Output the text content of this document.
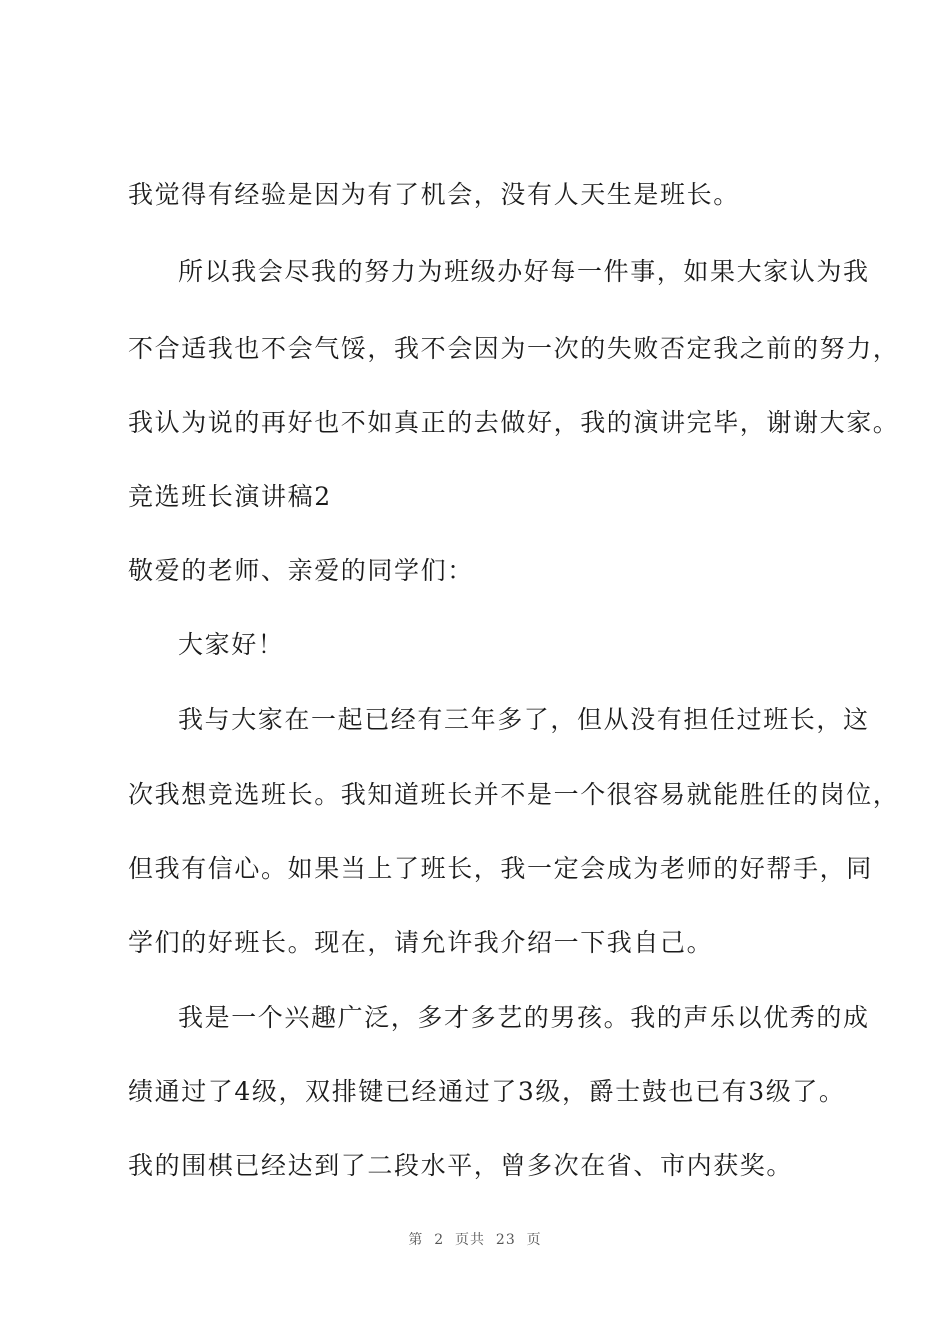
我觉得有经验是因为有了机会，没有人天生是班长。
所以我会尽我的努力为班级办好每一件事，如果大家认为我
不合适我也不会气馁，我不会因为一次的失败否定我之前的努力，
我认为说的再好也不如真正的去做好，我的演讲完毕，谢谢大家。
竞选班长演讲稿2
敬爱的老师、亲爱的同学们：
大家好！
我与大家在一起已经有三年多了，但从没有担任过班长，这
次我想竞选班长。我知道班长并不是一个很容易就能胜任的岗位，
但我有信心。如果当上了班长，我一定会成为老师的好帮手，同
学们的好班长。现在，请允许我介绍一下我自己。
我是一个兴趣广泛，多才多艺的男孩。我的声乐以优秀的成
绩通过了4级，双排键已经通过了3级，爵士鼓也已有3级了。
我的围棋已经达到了二段水平，曾多次在省、市内获奖。
第  2  页共  23  页
